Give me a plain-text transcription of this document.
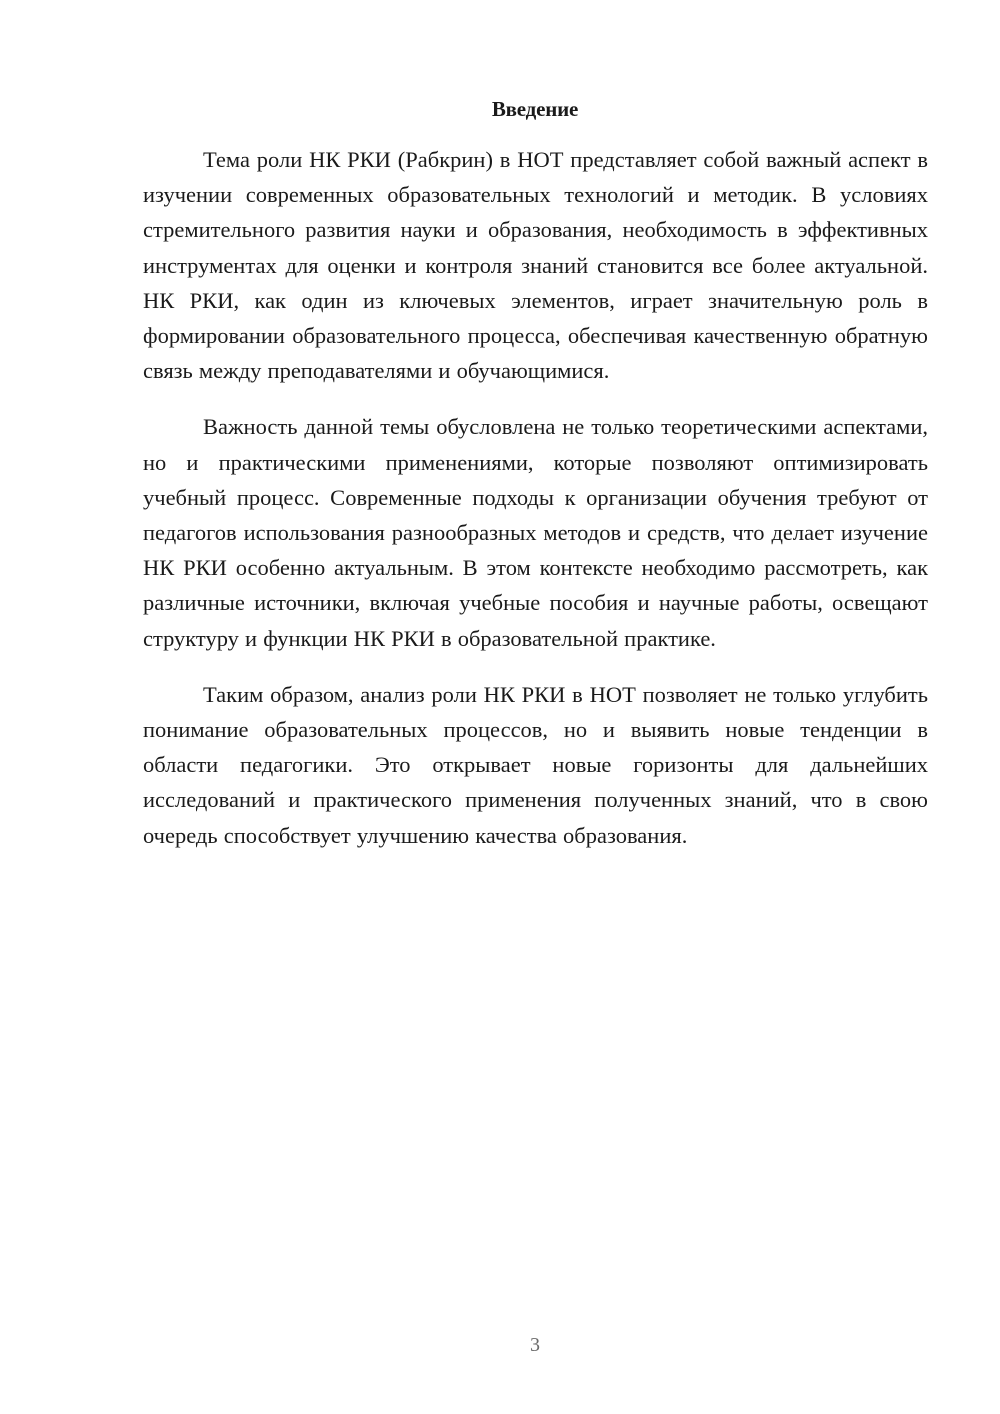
Введение

Тема роли НК РКИ (Рабкрин) в НОТ представляет собой важный аспект в изучении современных образовательных технологий и методик. В условиях стремительного развития науки и образования, необходимость в эффективных инструментах для оценки и контроля знаний становится все более актуальной. НК РКИ, как один из ключевых элементов, играет значительную роль в формировании образовательного процесса, обеспечивая качественную обратную связь между преподавателями и обучающимися.

Важность данной темы обусловлена не только теоретическими аспектами, но и практическими применениями, которые позволяют оптимизировать учебный процесс. Современные подходы к организации обучения требуют от педагогов использования разнообразных методов и средств, что делает изучение НК РКИ особенно актуальным. В этом контексте необходимо рассмотреть, как различные источники, включая учебные пособия и научные работы, освещают структуру и функции НК РКИ в образовательной практике.

Таким образом, анализ роли НК РКИ в НОТ позволяет не только углубить понимание образовательных процессов, но и выявить новые тенденции в области педагогики. Это открывает новые горизонты для дальнейших исследований и практического применения полученных знаний, что в свою очередь способствует улучшению качества образования.

3
